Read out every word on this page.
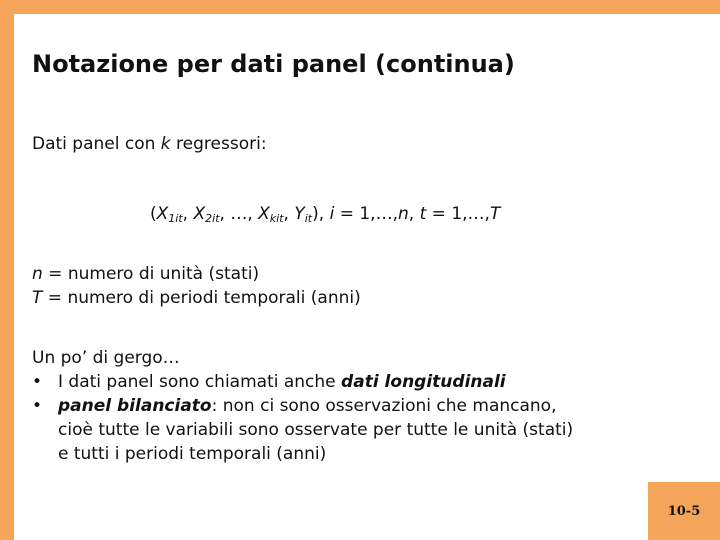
Notazione per dati panel (continua)
Dati panel con k regressori:
($X_{1it}$, $X_{2it}$, …, $X_{kit}$, $Y_{it}$), i = 1,…,n, t = 1,…,T
n = numero di unità (stati)
T = numero di periodi temporali (anni)
Un po’ di gergo…
• I dati panel sono chiamati anche dati longitudinali
• panel bilanciato: non ci sono osservazioni che mancano,
cioè tutte le variabili sono osservate per tutte le unità (stati)
e tutti i periodi temporali (anni)
10-5
